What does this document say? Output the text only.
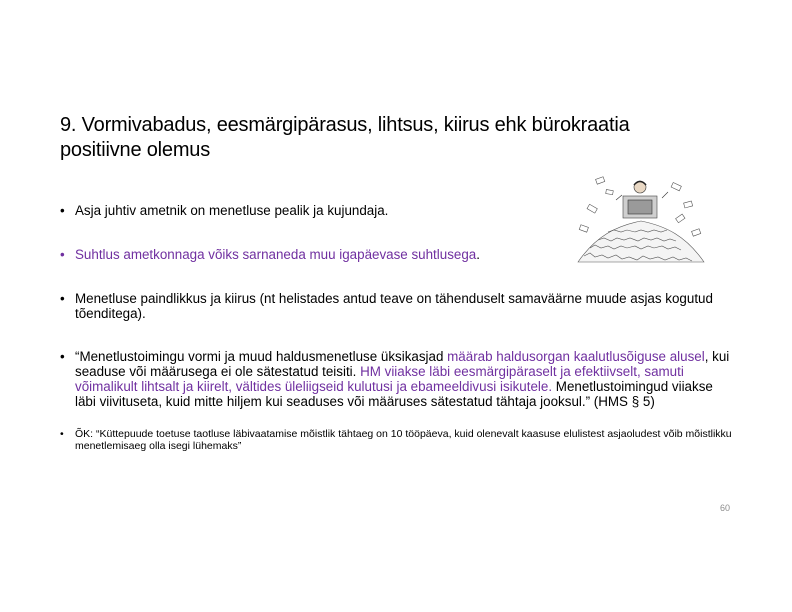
9. Vormivabadus, eesmärgipärasus, lihtsus, kiirus ehk bürokraatia
positiivne olemus
• Asja juhtiv ametnik on menetluse pealik ja kujundaja.
• Suhtlus ametkonnaga võiks sarnaneda muu igapäevase suhtlusega.
• Menetluse paindlikkus ja kiirus (nt helistades antud teave on tähenduselt samaväärne muude asjas kogutud tõenditega).
• “Menetlustoimingu vormi ja muud haldusmenetluse üksikasjad määrab haldusorgan kaalutlusõiguse alusel, kui seaduse või määrusega ei ole sätestatud teisiti. HM viiakse läbi eesmärgipäraselt ja efektiivselt, samuti võimalikult lihtsalt ja kiirelt, vältides üleliigseid kulutusi ja ebameeldivusi isikutele. Menetlustoimingud viiakse läbi viivituseta, kuid mitte hiljem kui seaduses või määruses sätestatud tähtaja jooksul.” (HMS § 5)
• ÕK: “Küttepuude toetuse taotluse läbivaatamise mõistlik tähtaeg on 10 tööpäeva, kuid olenevalt kaasuse elulistest asjaoludest võib mõistlikku menetlemisaeg olla isegi lühemaks”
60
